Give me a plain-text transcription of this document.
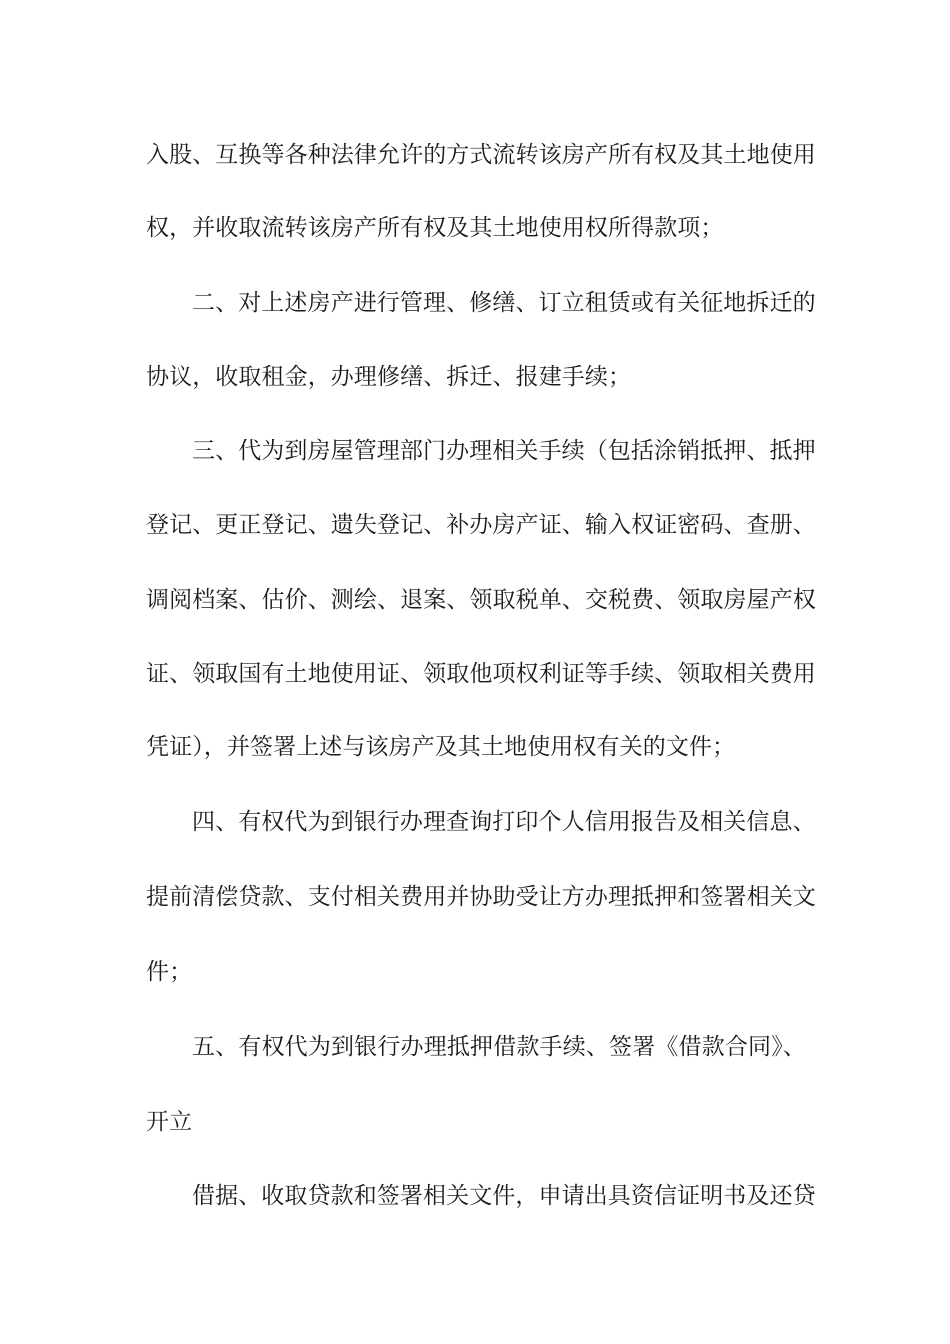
入股、互换等各种法律允许的方式流转该房产所有权及其土地使用
权，并收取流转该房产所有权及其土地使用权所得款项；
二、对上述房产进行管理、修缮、订立租赁或有关征地拆迁的
协议，收取租金，办理修缮、拆迁、报建手续；
三、代为到房屋管理部门办理相关手续（包括涂销抵押、抵押
登记、更正登记、遗失登记、补办房产证、输入权证密码、查册、
调阅档案、估价、测绘、退案、领取税单、交税费、领取房屋产权
证、领取国有土地使用证、领取他项权利证等手续、领取相关费用
凭证），并签署上述与该房产及其土地使用权有关的文件；
四、有权代为到银行办理查询打印个人信用报告及相关信息、
提前清偿贷款、支付相关费用并协助受让方办理抵押和签署相关文
件；
五、有权代为到银行办理抵押借款手续、签署《借款合同》、
开立
借据、收取贷款和签署相关文件，申请出具资信证明书及还贷
